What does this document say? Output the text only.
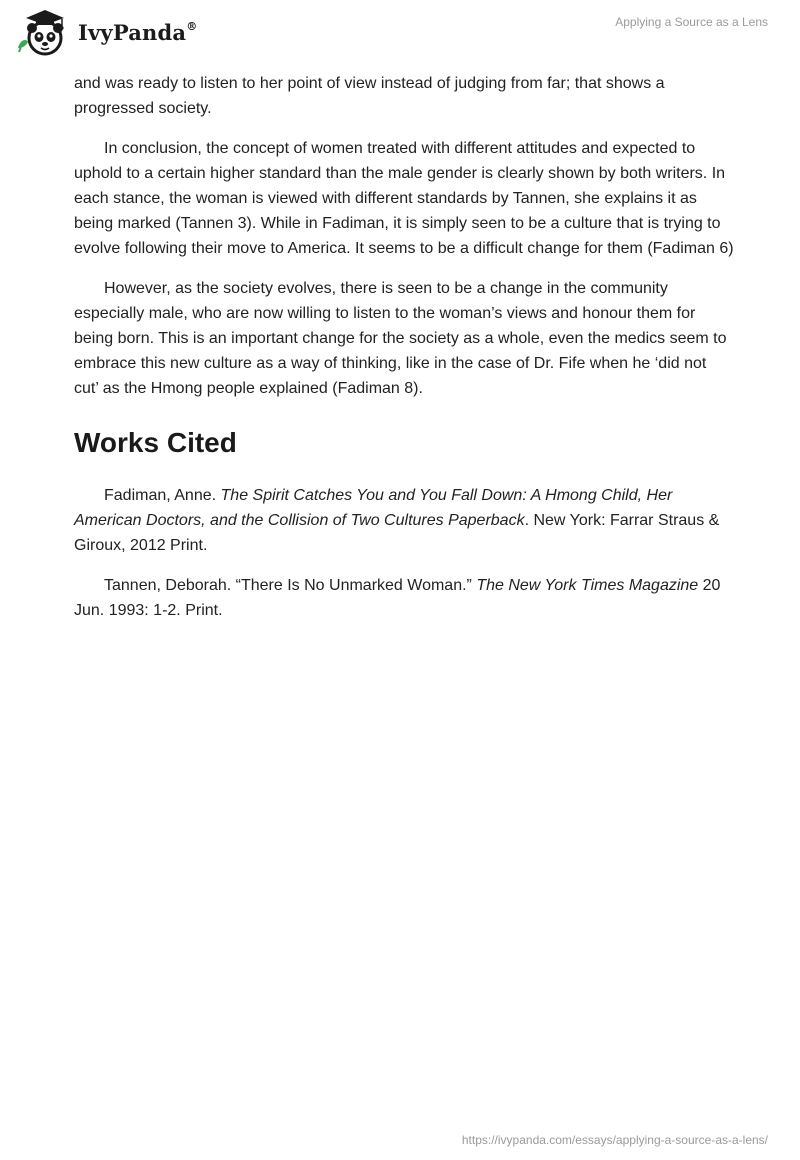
IvyPanda®	Applying a Source as a Lens

and was ready to listen to her point of view instead of judging from far; that shows a progressed society.

In conclusion, the concept of women treated with different attitudes and expected to uphold to a certain higher standard than the male gender is clearly shown by both writers. In each stance, the woman is viewed with different standards by Tannen, she explains it as being marked (Tannen 3). While in Fadiman, it is simply seen to be a culture that is trying to evolve following their move to America. It seems to be a difficult change for them (Fadiman 6)

However, as the society evolves, there is seen to be a change in the community especially male, who are now willing to listen to the woman’s views and honour them for being born. This is an important change for the society as a whole, even the medics seem to embrace this new culture as a way of thinking, like in the case of Dr. Fife when he ‘did not cut’ as the Hmong people explained (Fadiman 8).

Works Cited

Fadiman, Anne. The Spirit Catches You and You Fall Down: A Hmong Child, Her American Doctors, and the Collision of Two Cultures Paperback. New York: Farrar Straus & Giroux, 2012 Print.

Tannen, Deborah. “There Is No Unmarked Woman.” The New York Times Magazine 20 Jun. 1993: 1-2. Print.

https://ivypanda.com/essays/applying-a-source-as-a-lens/
